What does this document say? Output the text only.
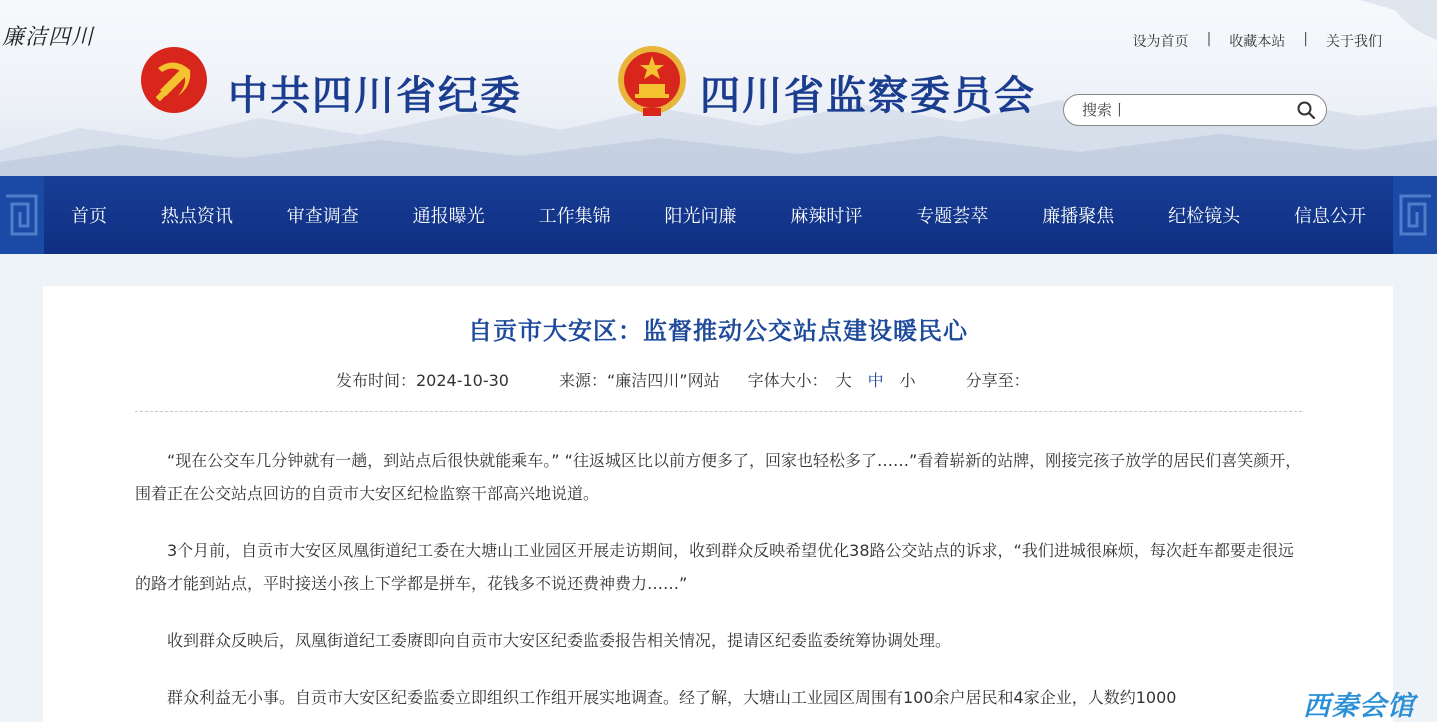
廉洁四川
中共四川省纪委	四川省监察委员会
设为首页 | 收藏本站 | 关于我们
搜索丨
首页	热点资讯	审查调查	通报曝光	工作集锦	阳光问廉	麻辣时评	专题荟萃	廉播聚焦	纪检镜头	信息公开
自贡市大安区：监督推动公交站点建设暖民心
发布时间：2024-10-30	来源：“廉洁四川”网站 字体大小： 大 中 小	分享至：

“现在公交车几分钟就有一趟，到站点后很快就能乘车。” “往返城区比以前方便多了，回家也轻松多了……”看着崭新的站牌，刚接完孩子放学的居民们喜笑颜开，围着正在公交站点回访的自贡市大安区纪检监察干部高兴地说道。

3个月前，自贡市大安区凤凰街道纪工委在大塘山工业园区开展走访期间，收到群众反映希望优化38路公交站点的诉求，“我们进城很麻烦，每次赶车都要走很远的路才能到站点，平时接送小孩上下学都是拼车，花钱多不说还费神费力……”

收到群众反映后，凤凰街道纪工委赓即向自贡市大安区纪委监委报告相关情况，提请区纪委监委统筹协调处理。

群众利益无小事。自贡市大安区纪委监委立即组织工作组开展实地调查。经了解，大塘山工业园区周围有100余户居民和4家企业，人数约1000	西秦会馆
